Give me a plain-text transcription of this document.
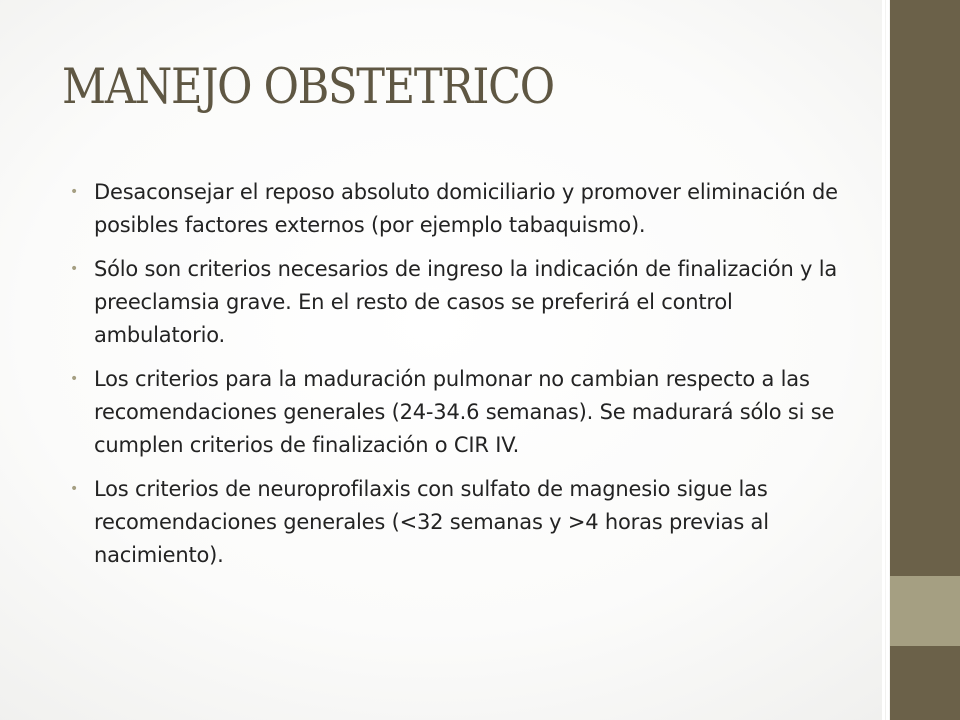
MANEJO OBSTETRICO
• Desaconsejar el reposo absoluto domiciliario y promover eliminación de posibles factores externos (por ejemplo tabaquismo).
• Sólo son criterios necesarios de ingreso la indicación de finalización y la preeclamsia grave. En el resto de casos se preferirá el control ambulatorio.
• Los criterios para la maduración pulmonar no cambian respecto a las recomendaciones generales (24-34.6 semanas). Se madurará sólo si se cumplen criterios de finalización o CIR IV.
• Los criterios de neuroprofilaxis con sulfato de magnesio sigue las recomendaciones generales (<32 semanas y >4 horas previas al nacimiento).
